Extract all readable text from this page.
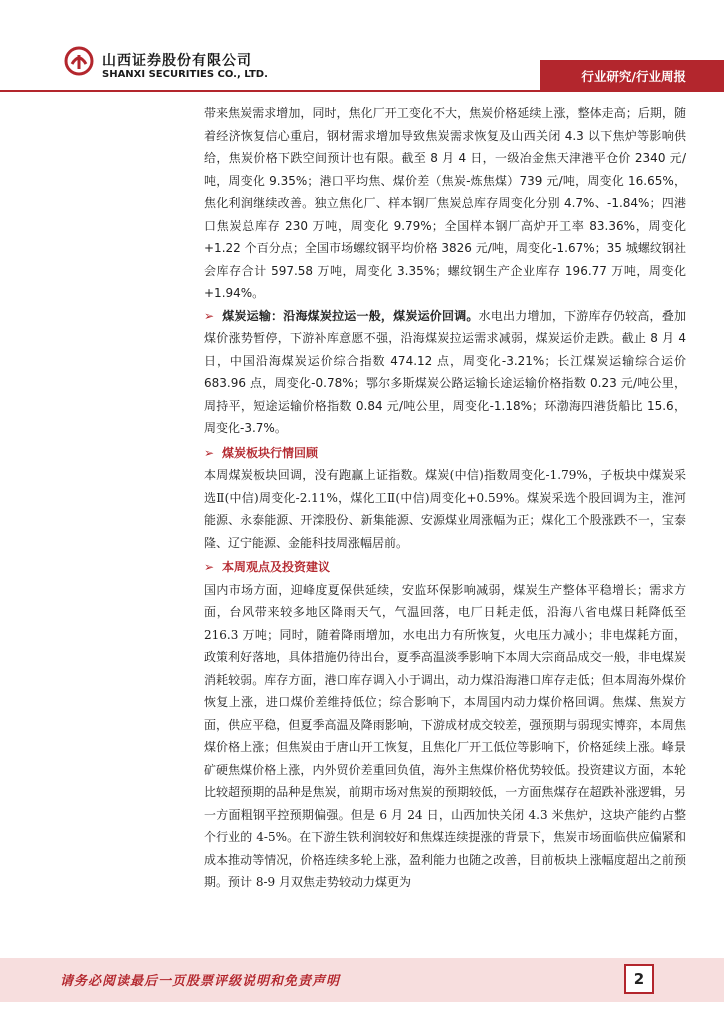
山西证券股份有限公司
SHANXI SECURITIES CO., LTD.	行业研究/行业周报

带来焦炭需求增加，同时，焦化厂开工变化不大，焦炭价格延续上涨，整体走高；后期，随着经济恢复信心重启，钢材需求增加导致焦炭需求恢复及山西关闭 4.3 以下焦炉等影响供给，焦炭价格下跌空间预计也有限。截至 8 月 4 日，一级冶金焦天津港平仓价 2340 元/吨，周变化 9.35%；港口平均焦、煤价差（焦炭-炼焦煤）739 元/吨，周变化 16.65%，焦化利润继续改善。独立焦化厂、样本钢厂焦炭总库存周变化分别 4.7%、-1.84%；四港口焦炭总库存 230 万吨，周变化 9.79%；全国样本钢厂高炉开工率 83.36%，周变化+1.22 个百分点；全国市场螺纹钢平均价格 3826 元/吨，周变化-1.67%；35 城螺纹钢社会库存合计 597.58 万吨，周变化 3.35%；螺纹钢生产企业库存 196.77 万吨，周变化+1.94%。

➢ 煤炭运输：沿海煤炭拉运一般，煤炭运价回调。水电出力增加，下游库存仍较高，叠加煤价涨势暂停，下游补库意愿不强，沿海煤炭拉运需求减弱，煤炭运价走跌。截止 8 月 4 日，中国沿海煤炭运价综合指数 474.12 点，周变化-3.21%；长江煤炭运输综合运价 683.96 点，周变化-0.78%；鄂尔多斯煤炭公路运输长途运输价格指数 0.23 元/吨公里，周持平，短途运输价格指数 0.84 元/吨公里，周变化-1.18%；环渤海四港货船比 15.6，周变化-3.7%。

➢ 煤炭板块行情回顾

本周煤炭板块回调，没有跑赢上证指数。煤炭(中信)指数周变化-1.79%，子板块中煤炭采选Ⅱ(中信)周变化-2.11%，煤化工Ⅱ(中信)周变化+0.59%。煤炭采选个股回调为主，淮河能源、永泰能源、开滦股份、新集能源、安源煤业周涨幅为正；煤化工个股涨跌不一，宝泰隆、辽宁能源、金能科技周涨幅居前。

➢ 本周观点及投资建议

国内市场方面，迎峰度夏保供延续，安监环保影响减弱，煤炭生产整体平稳增长；需求方面，台风带来较多地区降雨天气，气温回落，电厂日耗走低，沿海八省电煤日耗降低至 216.3 万吨；同时，随着降雨增加，水电出力有所恢复，火电压力减小；非电煤耗方面，政策利好落地，具体措施仍待出台，夏季高温淡季影响下本周大宗商品成交一般，非电煤炭消耗较弱。库存方面，港口库存调入小于调出，动力煤沿海港口库存走低；但本周海外煤价恢复上涨，进口煤价差维持低位；综合影响下，本周国内动力煤价格回调。焦煤、焦炭方面，供应平稳，但夏季高温及降雨影响，下游成材成交较差，强预期与弱现实博弈，本周焦煤价格上涨；但焦炭由于唐山开工恢复，且焦化厂开工低位等影响下，价格延续上涨。峰景矿硬焦煤价格上涨，内外贸价差重回负值，海外主焦煤价格优势较低。投资建议方面，本轮比较超预期的品种是焦炭，前期市场对焦炭的预期较低，一方面焦煤存在超跌补涨逻辑，另一方面粗钢平控预期偏强。但是 6 月 24 日，山西加快关闭 4.3 米焦炉，这块产能约占整个行业的 4-5%。在下游生铁利润较好和焦煤连续提涨的背景下，焦炭市场面临供应偏紧和成本推动等情况，价格连续多轮上涨，盈利能力也随之改善，目前板块上涨幅度超出之前预期。预计 8-9 月双焦走势较动力煤更为

请务必阅读最后一页股票评级说明和免责声明	2
